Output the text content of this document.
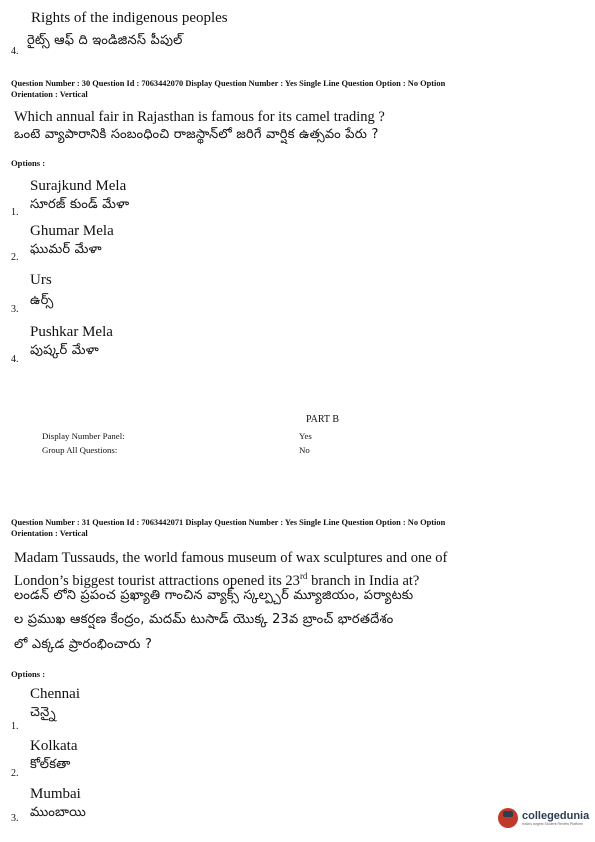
Rights of the indigenous peoples
4.
రైట్స్ ఆఫ్ ది ఇండిజినస్ పీపుల్
Question Number : 30 Question Id : 7063442070 Display Question Number : Yes Single Line Question Option : No Option
Orientation : Vertical
Which annual fair in Rajasthan is famous for its camel trading ?
ఒంటె వ్యాపారానికి సంబంధించి రాజస్థాన్‌లో జరిగే వార్షిక ఉత్సవం పేరు ?
Options :
Surajkund Mela
సూరజ్ కుండ్ మేళా
1.
Ghumar Mela
ఘుమర్ మేళా
2.
Urs
ఉర్స్
3.
Pushkar Mela
పుష్కర్ మేళా
4.
PART B
Display Number Panel:	Yes
Group All Questions:	No
Question Number : 31 Question Id : 7063442071 Display Question Number : Yes Single Line Question Option : No Option
Orientation : Vertical
Madam Tussauds, the world famous museum of wax sculptures and one of
London’s biggest tourist attractions opened its 23rd branch in India at?
లండన్ లోని ప్రపంచ ప్రఖ్యాతి గాంచిన వ్యాక్స్ స్కల్ప్చర్ మ్యూజియం, పర్యాటకు
ల ప్రముఖ ఆకర్షణ కేంద్రం, మదమ్ టుసాడ్ యొక్క 23వ బ్రాంచ్ భారతదేశం
లో ఎక్కడ ప్రారంభించారు ?
Options :
Chennai
చెన్నై
1.
Kolkata
కోల్‌కతా
2.
Mumbai
ముంబాయి
3.	collegedunia
India's largest Student Review Platform
